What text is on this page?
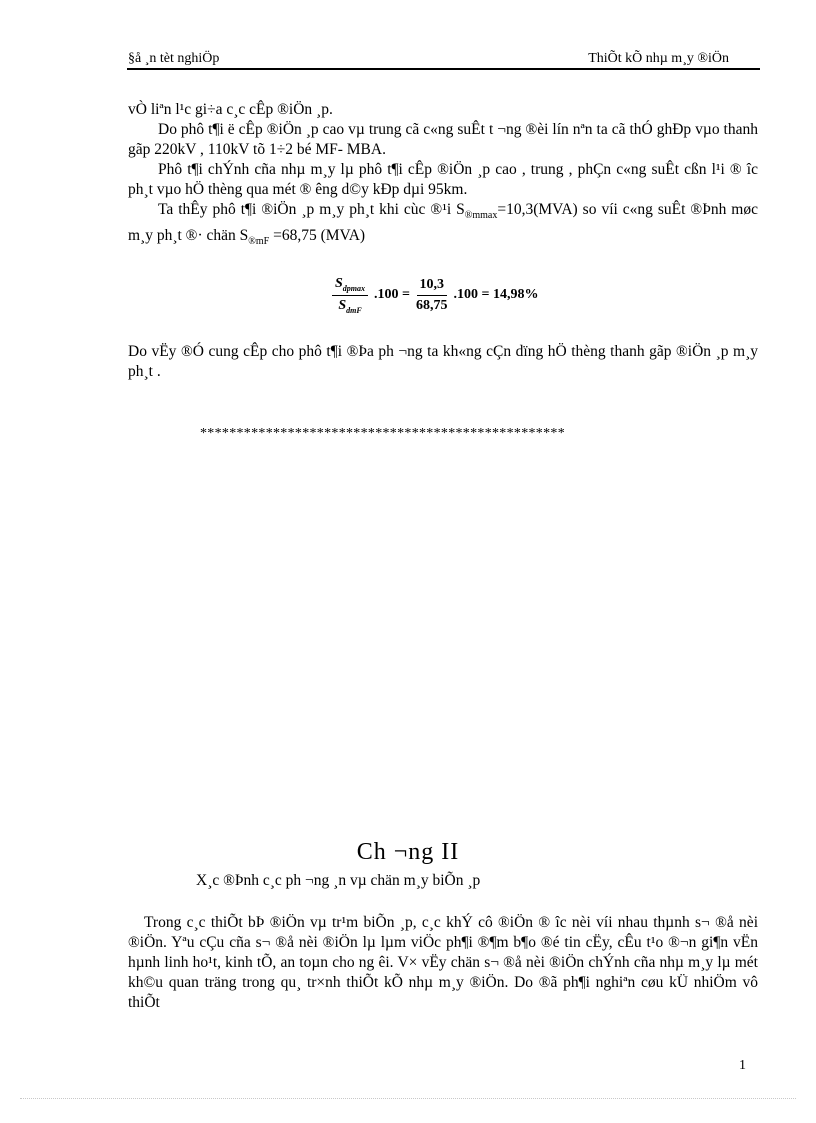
§å ¸n tèt nghiÖp	ThiÕt kÕ nhµ m¸y ®iÖn

vÒ liªn l¹c gi÷a c¸c cÊp ®iÖn ¸p.

Do phô t¶i ë cÊp ®iÖn ¸p cao vµ trung cã c«ng suÊt t ¬ng ®èi lín nªn ta cã thÓ ghÐp vµo thanh gãp 220kV , 110kV tõ 1÷2 bé MF- MBA.

Phô t¶i chÝnh cña nhµ m¸y lµ phô t¶i cÊp ®iÖn ¸p cao , trung , phÇn c«ng suÊt cßn l¹i ® îc ph¸t vµo hÖ thèng qua mét ® êng d©y kÐp dµi 95km.

Ta thÊy phô t¶i ®iÖn ¸p m¸y ph¸t khi cùc ®¹i $S_{®mmax}=10,3(MVA)$ so víi c«ng suÊt ®Þnh møc m¸y ph¸t ®· chän $S_{®mF} =68,75$ (MVA)

$\frac{S_{dpmax}}{S_{dmF}} .100 = \frac{10,3}{68,75} .100 = 14,98\%$

Do vËy ®Ó cung cÊp cho phô t¶i ®Þa ph ¬ng ta kh«ng cÇn dïng hÖ thèng thanh gãp ®iÖn ¸p m¸y ph¸t .

**************************************************
Ch ¬ng II
X¸c ®Þnh c¸c ph ¬ng ¸n vµ chän m¸y biÕn ¸p

Trong c¸c thiÕt bÞ ®iÖn vµ tr¹m biÕn ¸p, c¸c khÝ cô ®iÖn ® îc nèi víi nhau thµnh s¬ ®å nèi ®iÖn. Yªu cÇu cña s¬ ®å nèi ®iÖn lµ lµm viÖc ph¶i ®¶m b¶o ®é tin cËy, cÊu t¹o ®¬n gi¶n vËn hµnh linh ho¹t, kinh tÕ, an toµn cho ng êi. V× vËy chän s¬ ®å nèi ®iÖn chÝnh cña nhµ m¸y lµ mét kh©u quan träng trong qu¸ tr×nh thiÕt kÕ nhµ m¸y ®iÖn. Do ®ã ph¶i nghiªn cøu kÜ nhiÖm vô thiÕt

1
